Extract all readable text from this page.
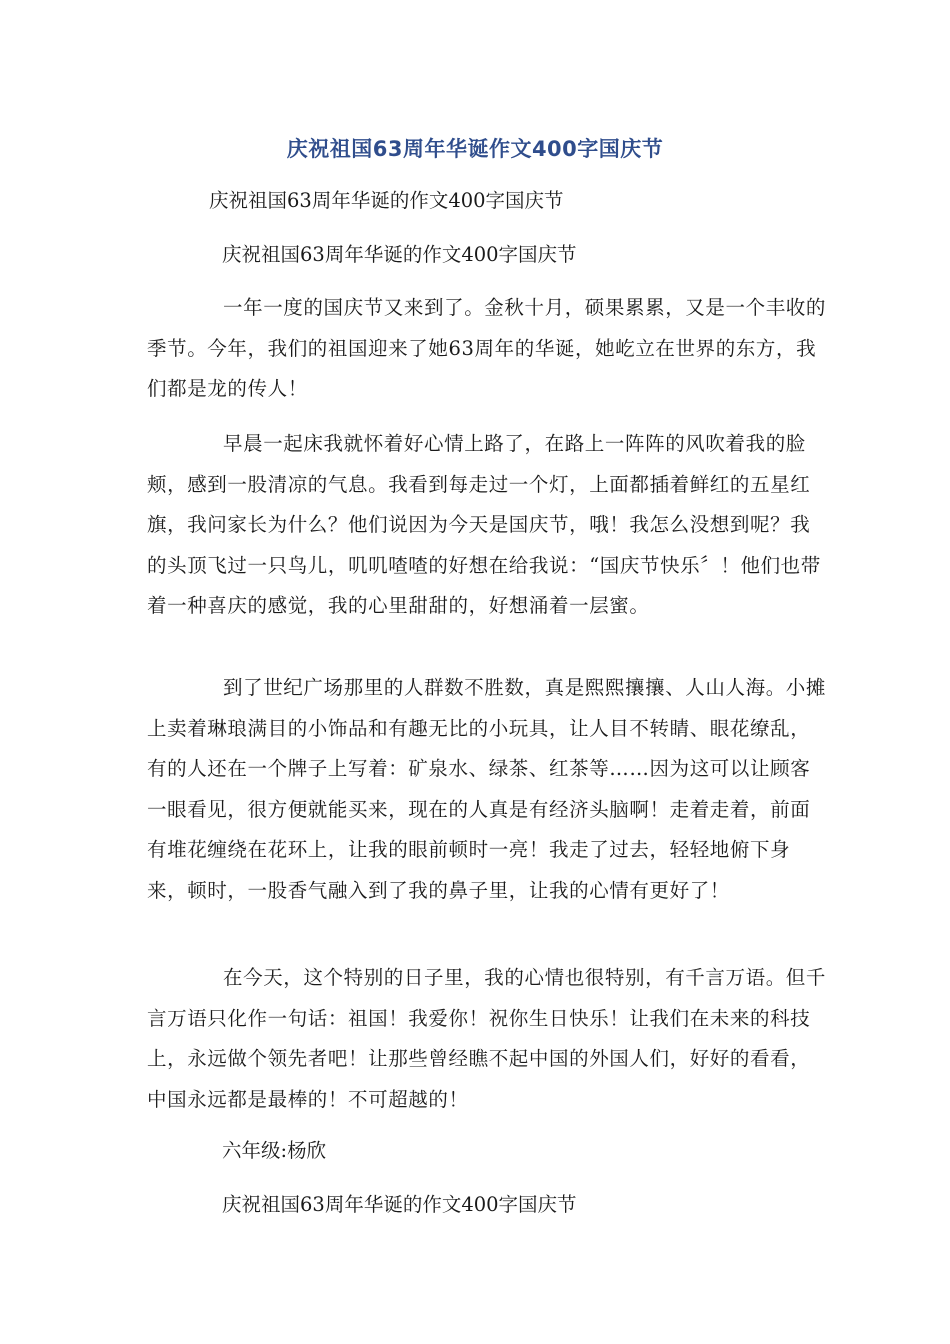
庆祝祖国63周年华诞作文400字国庆节
庆祝祖国63周年华诞的作文400字国庆节
庆祝祖国63周年华诞的作文400字国庆节
一年一度的国庆节又来到了。金秋十月，硕果累累，又是一个丰收的季节。今年，我们的祖国迎来了她63周年的华诞，她屹立在世界的东方，我们都是龙的传人！
早晨一起床我就怀着好心情上路了，在路上一阵阵的风吹着我的脸颊，感到一股清凉的气息。我看到每走过一个灯，上面都插着鲜红的五星红旗，我问家长为什么？他们说因为今天是国庆节，哦！我怎么没想到呢？我的头顶飞过一只鸟儿，叽叽喳喳的好想在给我说：“国庆节快乐〞！他们也带着一种喜庆的感觉，我的心里甜甜的，好想涌着一层蜜。
到了世纪广场那里的人群数不胜数，真是熙熙攘攘、人山人海。小摊上卖着琳琅满目的小饰品和有趣无比的小玩具，让人目不转睛、眼花缭乱，有的人还在一个牌子上写着：矿泉水、绿茶、红茶等……因为这可以让顾客一眼看见，很方便就能买来，现在的人真是有经济头脑啊！走着走着，前面有堆花缠绕在花环上，让我的眼前顿时一亮！我走了过去，轻轻地俯下身来，顿时，一股香气融入到了我的鼻子里，让我的心情有更好了！
在今天，这个特别的日子里，我的心情也很特别，有千言万语。但千言万语只化作一句话：祖国！我爱你！祝你生日快乐！让我们在未来的科技上，永远做个领先者吧！让那些曾经瞧不起中国的外国人们，好好的看看，中国永远都是最棒的！不可超越的！
六年级:杨欣
庆祝祖国63周年华诞的作文400字国庆节
